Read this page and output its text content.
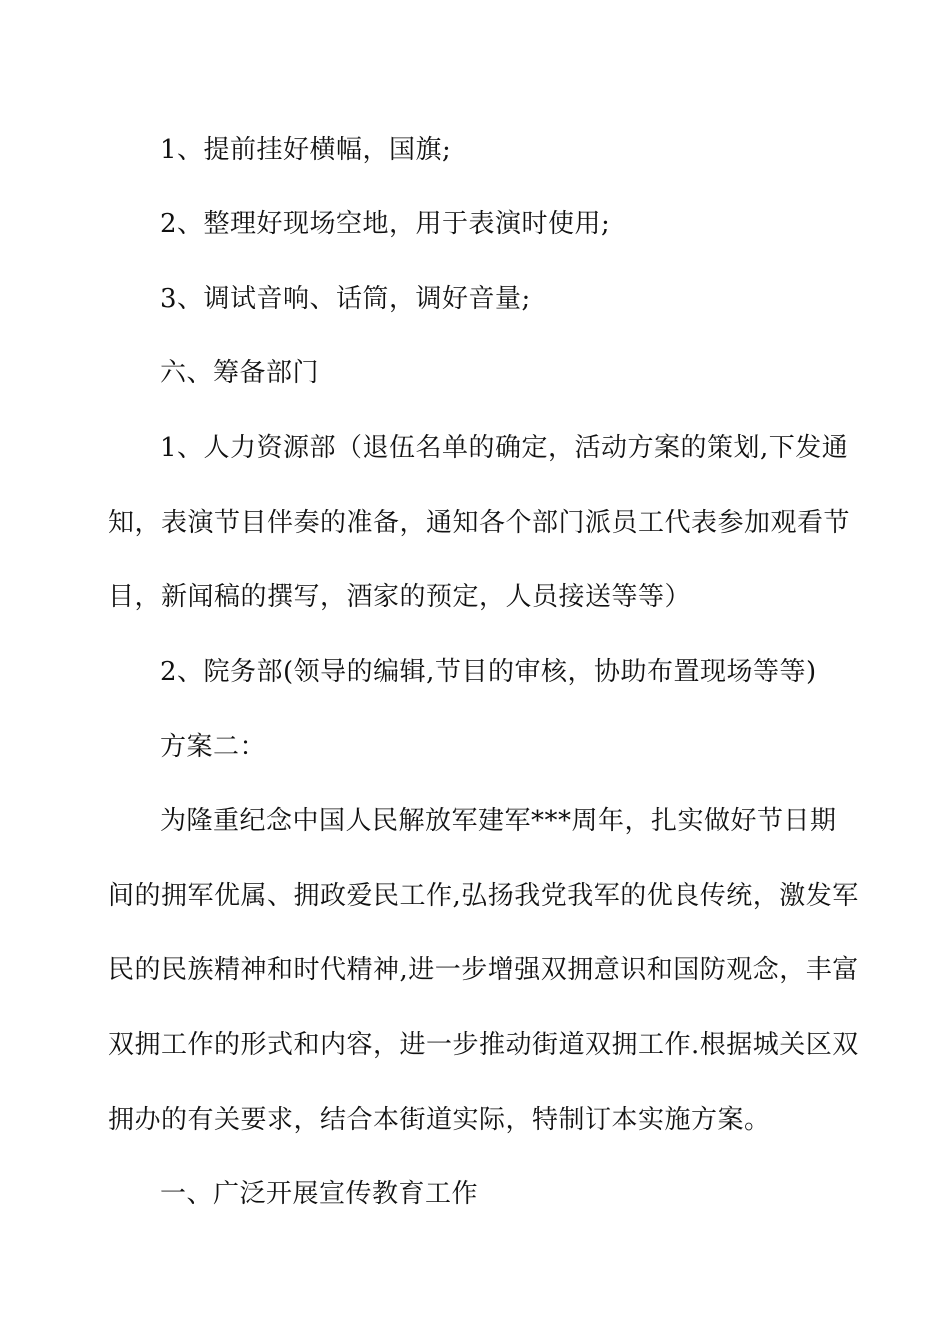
1、提前挂好横幅，国旗;
2、整理好现场空地，用于表演时使用;
3、调试音响、话筒，调好音量;
六、筹备部门
1、人力资源部（退伍名单的确定，活动方案的策划,下发通
知，表演节目伴奏的准备，通知各个部门派员工代表参加观看节
目，新闻稿的撰写，酒家的预定，人员接送等等）
2、院务部(领导的编辑,节目的审核，协助布置现场等等)
方案二：
为隆重纪念中国人民解放军建军***周年，扎实做好节日期
间的拥军优属、拥政爱民工作,弘扬我党我军的优良传统，激发军
民的民族精神和时代精神,进一步增强双拥意识和国防观念，丰富
双拥工作的形式和内容，进一步推动街道双拥工作.根据城关区双
拥办的有关要求，结合本街道实际，特制订本实施方案。
一、广泛开展宣传教育工作
